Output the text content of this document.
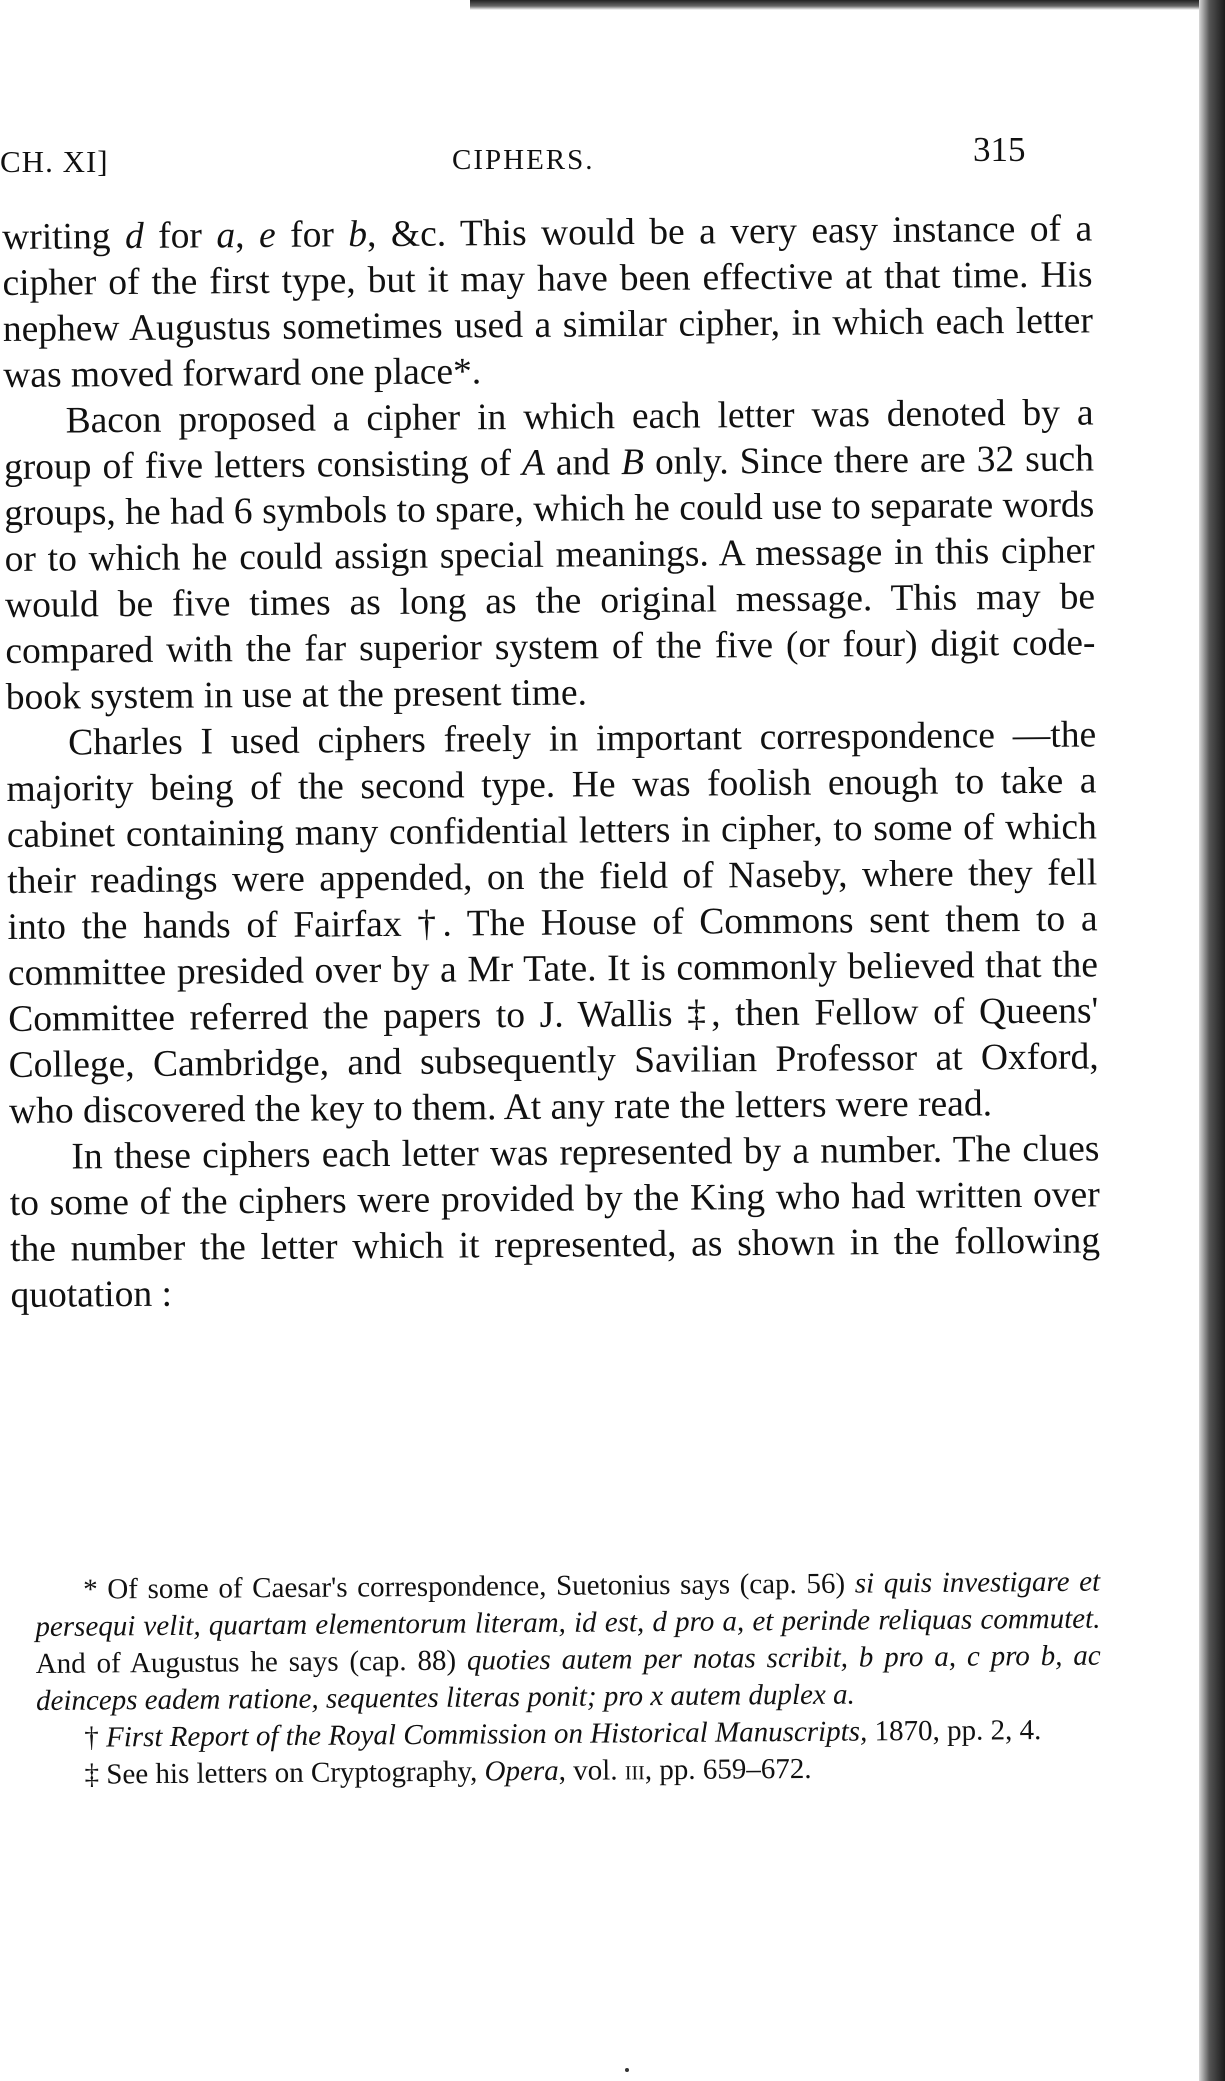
CH. XI]	CIPHERS.	315

writing d for a, e for b, &c. This would be a very easy instance of a cipher of the first type, but it may have been effective at that time. His nephew Augustus sometimes used a similar cipher, in which each letter was moved forward one place*.

Bacon proposed a cipher in which each letter was denoted by a group of five letters consisting of A and B only. Since there are 32 such groups, he had 6 symbols to spare, which he could use to separate words or to which he could assign special meanings. A message in this cipher would be five times as long as the original message. This may be compared with the far superior system of the five (or four) digit code-book system in use at the present time.

Charles I used ciphers freely in important correspondence —the majority being of the second type. He was foolish enough to take a cabinet containing many confidential letters in cipher, to some of which their readings were appended, on the field of Naseby, where they fell into the hands of Fairfax †. The House of Commons sent them to a committee presided over by a Mr Tate. It is commonly believed that the Committee referred the papers to J. Wallis ‡, then Fellow of Queens' College, Cambridge, and subsequently Savilian Professor at Oxford, who discovered the key to them. At any rate the letters were read.

In these ciphers each letter was represented by a number. The clues to some of the ciphers were provided by the King who had written over the number the letter which it represented, as shown in the following quotation :

* Of some of Caesar's correspondence, Suetonius says (cap. 56) si quis investigare et persequi velit, quartam elementorum literam, id est, d pro a, et perinde reliquas commutet. And of Augustus he says (cap. 88) quoties autem per notas scribit, b pro a, c pro b, ac deinceps eadem ratione, sequentes literas ponit; pro x autem duplex a.

† First Report of the Royal Commission on Historical Manuscripts, 1870, pp. 2, 4.

‡ See his letters on Cryptography, Opera, vol. iii, pp. 659–672.
